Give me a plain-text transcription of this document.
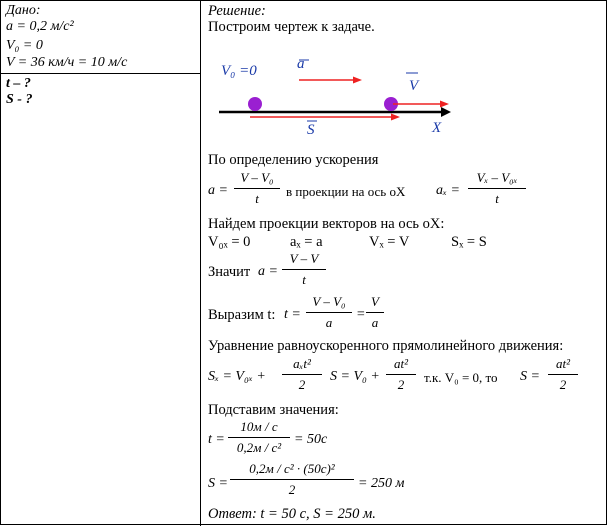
Дано:
a = 0,2 м/с²
V₀ = 0
V = 36 км/ч = 10 м/с
t – ?
S - ?
Решение:
Построим чертеж к задаче.
V₀ =0	a
V
S	X
По определению ускорения
a =
V – V₀
t	в проекции на ось оX aₓ =
Vₓ – V₀ₓ
t
Найдем проекции векторов на ось оX:
V₀ₓ = 0	aₓ = a	Vₓ = V	Sₓ = S
Значит a =
V – V
t
Выразим t: t =
V – V₀
a
=
V
a
Уравнение равноускоренного прямолинейного движения:
Sₓ = V₀ₓ +
aₓt²
2
S = V₀ +
at²
2	т.к. V₀ = 0, то S =
at²
2
Подставим значения:
t =
10м / с
0,2м / с²
= 50с
S =
0,2м / с² · (50с)²
2	= 250 м
Ответ: t = 50 с, S = 250 м.
